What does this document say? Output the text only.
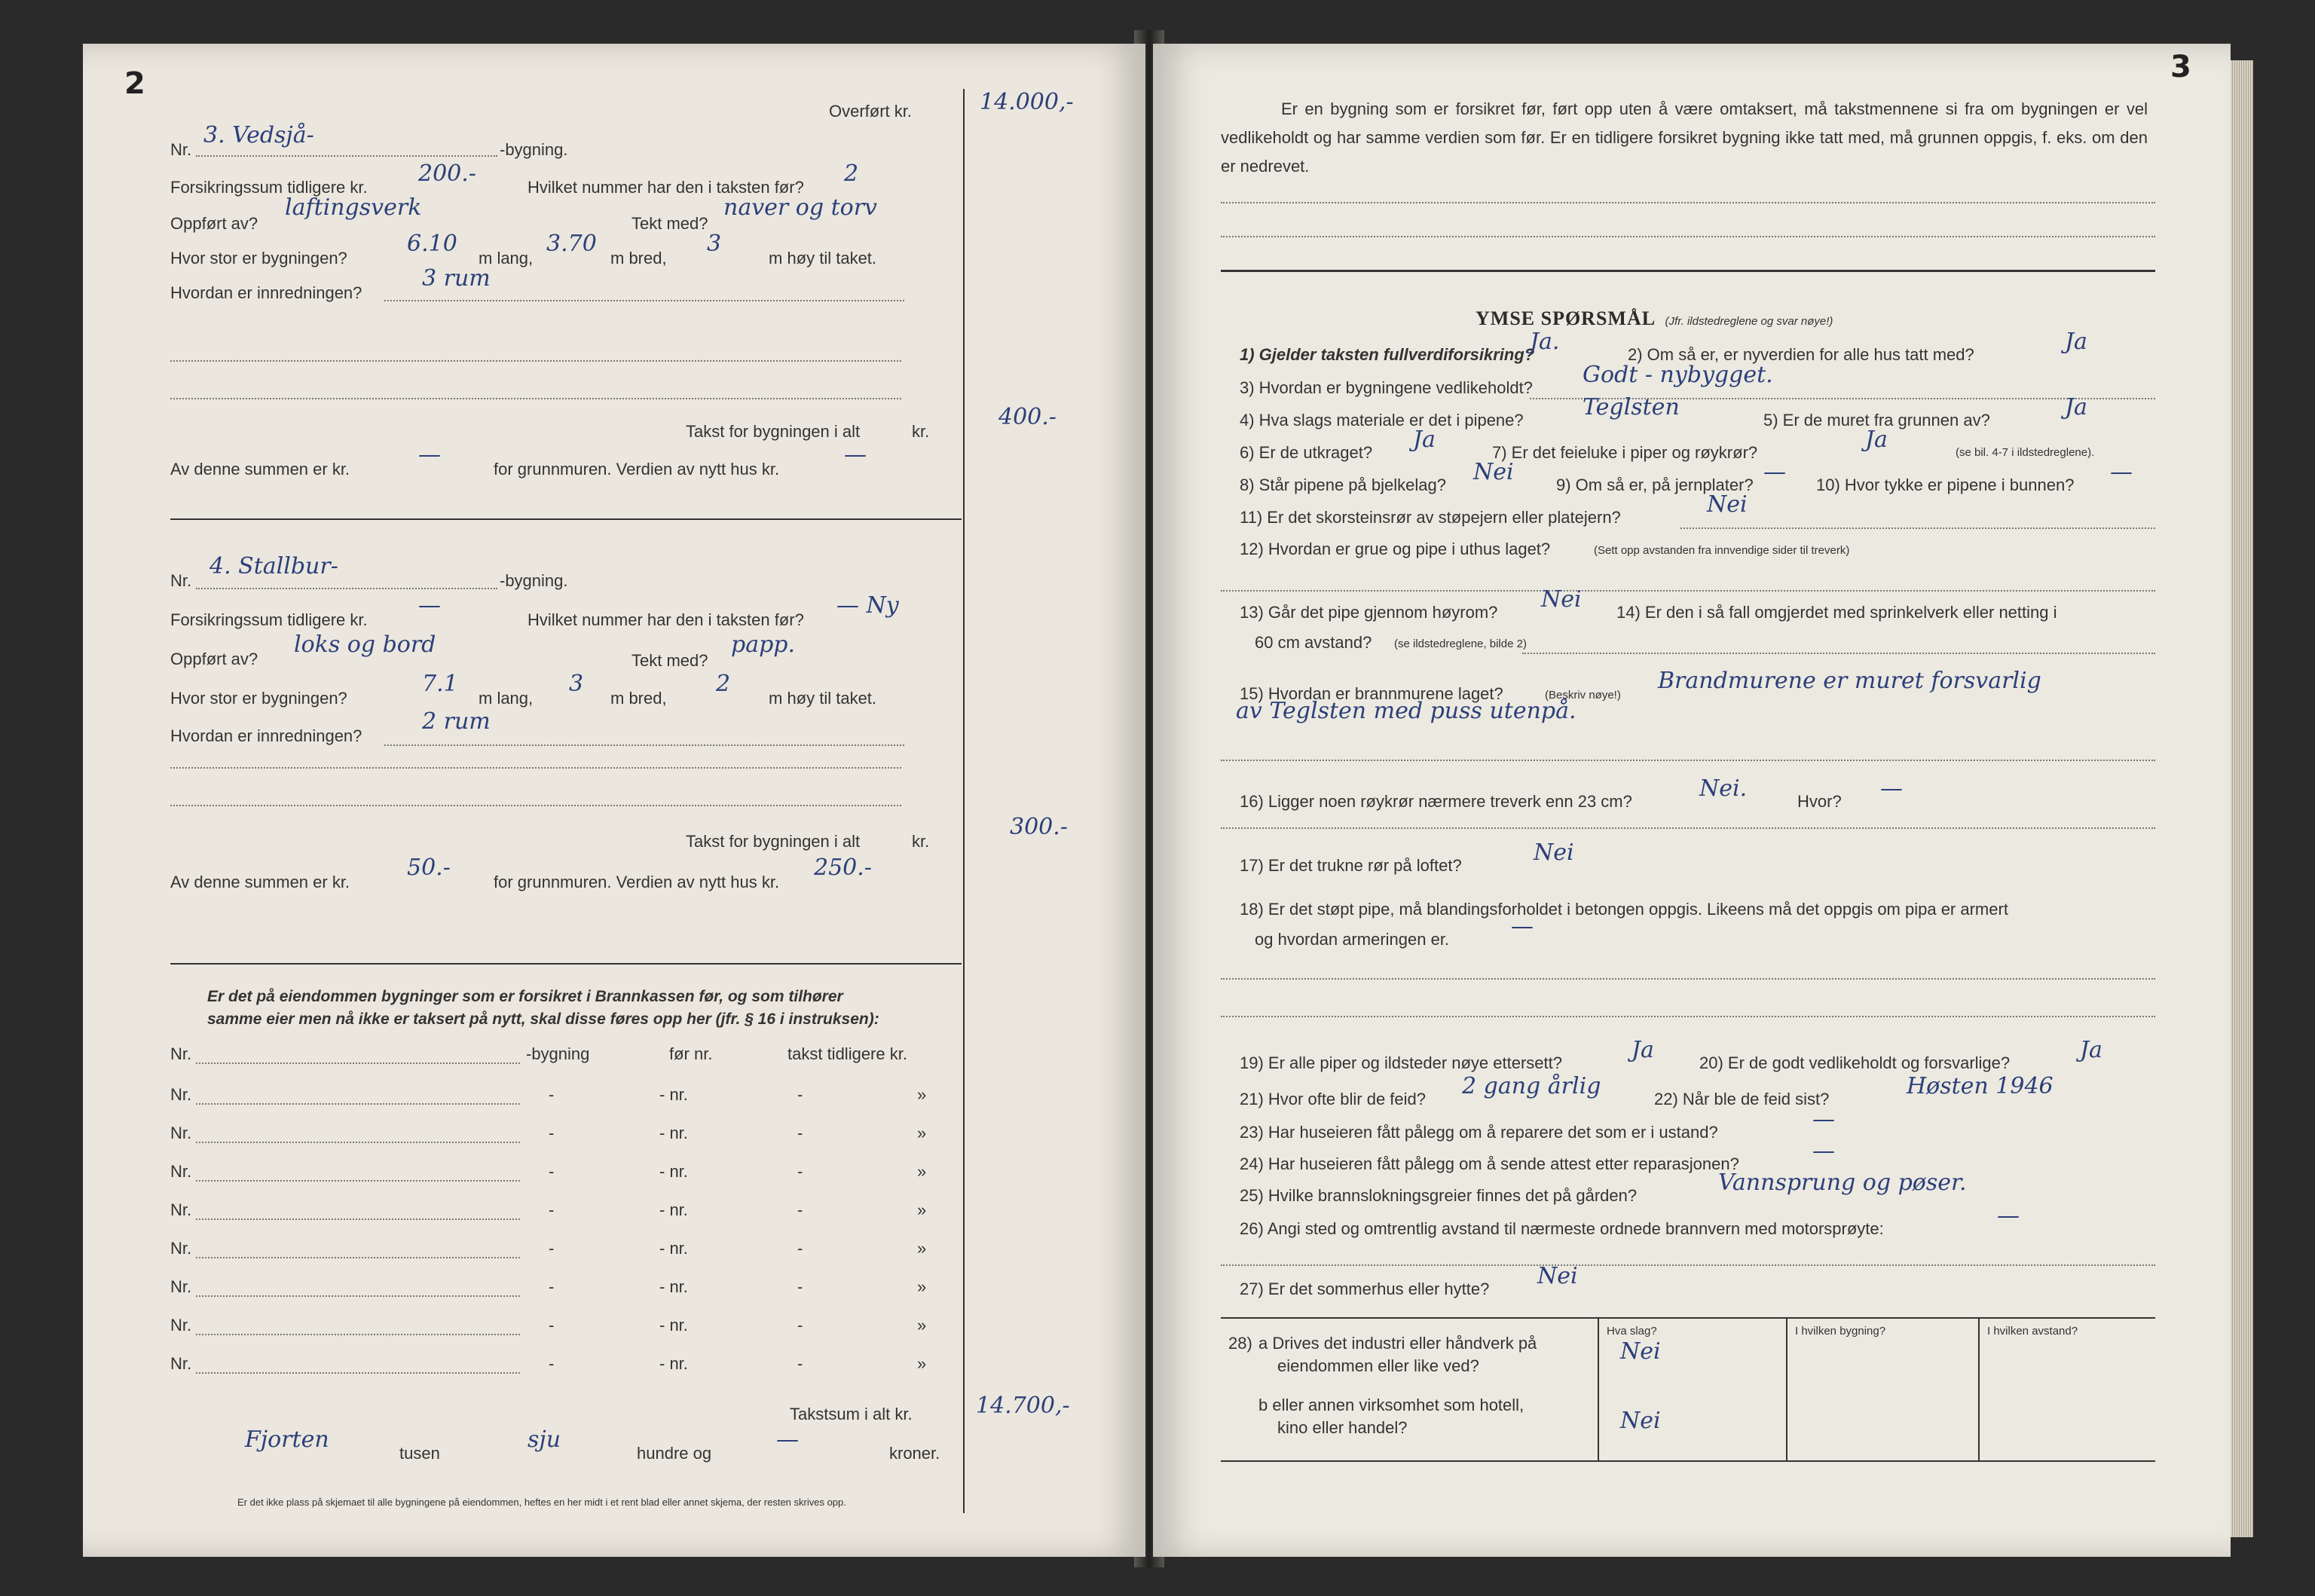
2
Overført kr.	14.000,-
Nr.
3. Vedsjå-
-bygning.
Forsikringssum tidligere kr.
200.-
Hvilket nummer har den i taksten før?
2
Oppført av?
laftingsverk
Tekt med?
naver og torv
Hvor stor er bygningen?
6.10
m lang,
3.70
m bred,
3
m høy til taket.
Hvordan er innredningen?
3 rum
Takst for bygningen i alt	kr.
400.-
Av denne summen er kr.
—
for grunnmuren. Verdien av nytt hus kr.
—
Nr.
4. Stallbur-
-bygning.
Forsikringssum tidligere kr.
—
Hvilket nummer har den i taksten før?
— Ny
Oppført av?
loks og bord
Tekt med?
papp.
Hvor stor er bygningen?
7.1
m lang,
3
m bred,
2
m høy til taket.
Hvordan er innredningen?
2 rum
Takst for bygningen i alt	kr.
300.-
Av denne summen er kr.
50.-
for grunnmuren. Verdien av nytt hus kr.
250.-
Er det på eiendommen bygninger som er forsikret i Brannkassen før, og som tilhører samme eier men nå ikke er taksert på nytt, skal disse føres opp her (jfr. § 16 i instruksen):
Nr.	-bygning	før nr.	takst tidligere kr.
Nr.	-	- nr.	-	»
Nr.	-	- nr.	-	»
Nr.	-	- nr.	-	»
Nr.	-	- nr.	-	»
Nr.	-	- nr.	-	»
Nr.	-	- nr.	-	»
Nr.	-	- nr.	-	»
Nr.	-	- nr.	-	»
Takstsum i alt kr.	14.700,-
Fjorten
tusen
sju
hundre og
—
kroner.
Er det ikke plass på skjemaet til alle bygningene på eiendommen, heftes en her midt i et rent blad eller annet skjema, der resten skrives opp.
3
Er en bygning som er forsikret før, ført opp uten å være omtaksert, må takstmennene si fra om bygningen er vel vedlikeholdt og har samme verdien som før. Er en tidligere forsikret bygning ikke tatt med, må grunnen oppgis, f. eks. om den er nedrevet.
YMSE SPØRSMÅL (Jfr. ildstedreglene og svar nøye!)
1) Gjelder taksten fullverdiforsikring?
Ja.	2) Om så er, er nyverdien for alle hus tatt med?	Ja
3) Hvordan er bygningene vedlikeholdt? Godt - nybygget.
4) Hva slags materiale er det i pipene?	Teglsten	5) Er de muret fra grunnen av?	Ja
6) Er de utkraget? Ja	7) Er det feieluke i piper og røykrør?	Ja	(se bil. 4-7 i ildstedreglene).
8) Står pipene på bjelkelag? Nei	9) Om så er, på jernplater? — 10) Hvor tykke er pipene i bunnen? —
11) Er det skorsteinsrør av støpejern eller platejern?	Nei
12) Hvordan er grue og pipe i uthus laget?	(Sett opp avstanden fra innvendige sider til treverk)
13) Går det pipe gjennom høyrom? Nei 14) Er den i så fall omgjerdet med sprinkelverk eller netting i
60 cm avstand? (se ildstedreglene, bilde 2)
15) Hvordan er brannmurene laget?	(Beskriv nøye!)
Brandmurene er muret forsvarlig
av Teglsten med puss utenpå.
16) Ligger noen røykrør nærmere treverk enn 23 cm?	Nei.	Hvor? —
17) Er det trukne rør på loftet?	Nei
18) Er det støpt pipe, må blandingsforholdet i betongen oppgis. Likeens må det oppgis om pipa er armert
og hvordan armeringen er.	—
19) Er alle piper og ildsteder nøye ettersett?	Ja	20) Er de godt vedlikeholdt og forsvarlige?	Ja
21) Hvor ofte blir de feid? 2 gang årlig	22) Når ble de feid sist?	Høsten 1946
23) Har huseieren fått pålegg om å reparere det som er i ustand?	—
24) Har huseieren fått pålegg om å sende attest etter reparasjonen?	—
25) Hvilke brannslokningsgreier finnes det på gården?	Vannsprung og pøser.
26) Angi sted og omtrentlig avstand til nærmeste ordnede brannvern med motorsprøyte:	—
27) Er det sommerhus eller hytte? Nei
Hva slag?	I hvilken bygning?	I hvilken avstand?
28) a Drives det industri eller håndverk på
eiendommen eller like ved?
Nei
b eller annen virksomhet som hotell,
kino eller handel?	Nei
